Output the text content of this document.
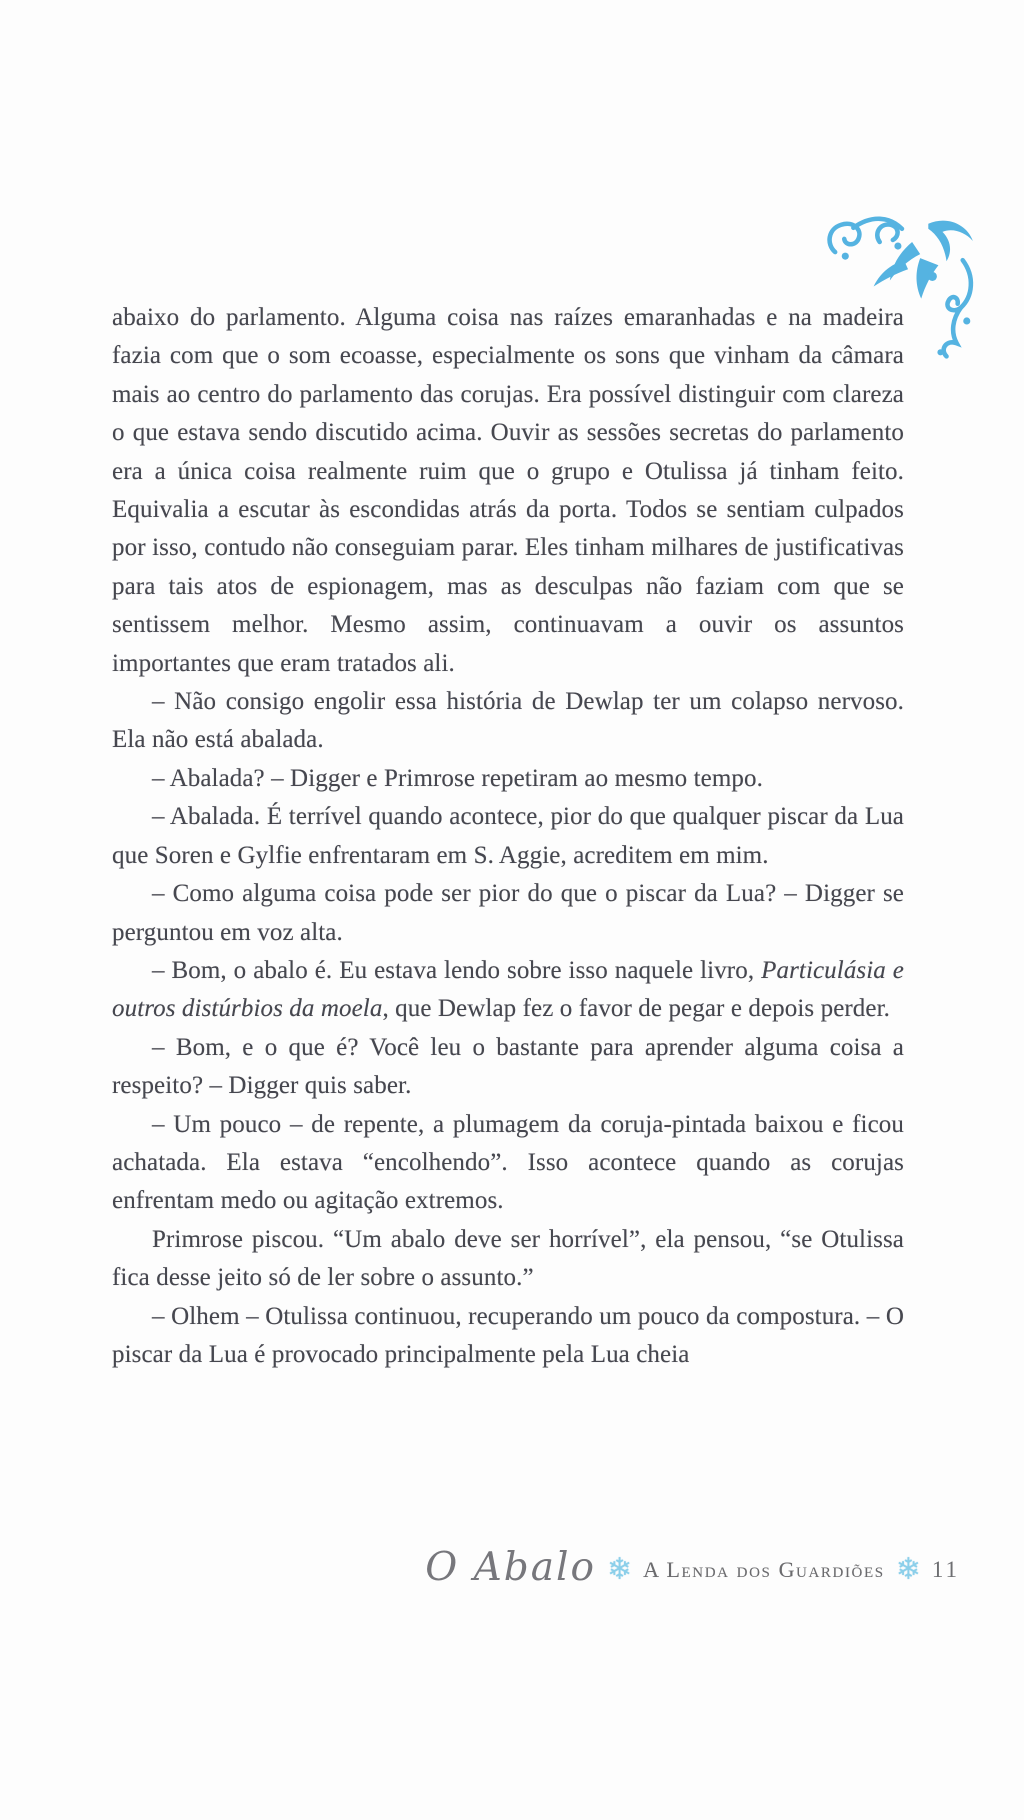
abaixo do parlamento. Alguma coisa nas raízes emaranhadas e na madeira fazia com que o som ecoasse, especialmente os sons que vinham da câmara mais ao centro do parlamento das corujas. Era possível distinguir com clareza o que estava sendo discutido acima. Ouvir as sessões secretas do parlamento era a única coisa realmente ruim que o grupo e Otulissa já tinham feito. Equivalia a escutar às escondidas atrás da porta. Todos se sentiam culpados por isso, contudo não conseguiam parar. Eles tinham milhares de justificativas para tais atos de espionagem, mas as desculpas não faziam com que se sentissem melhor. Mesmo assim, continuavam a ouvir os assuntos importantes que eram tratados ali.

– Não consigo engolir essa história de Dewlap ter um colapso nervoso. Ela não está abalada.

– Abalada? – Digger e Primrose repetiram ao mesmo tempo.

– Abalada. É terrível quando acontece, pior do que qualquer piscar da Lua que Soren e Gylfie enfrentaram em S. Aggie, acreditem em mim.

– Como alguma coisa pode ser pior do que o piscar da Lua? – Digger se perguntou em voz alta.

– Bom, o abalo é. Eu estava lendo sobre isso naquele livro, Particulásia e outros distúrbios da moela, que Dewlap fez o favor de pegar e depois perder.

– Bom, e o que é? Você leu o bastante para aprender alguma coisa a respeito? – Digger quis saber.

– Um pouco – de repente, a plumagem da coruja-pintada baixou e ficou achatada. Ela estava “encolhendo”. Isso acontece quando as corujas enfrentam medo ou agitação extremos.

Primrose piscou. “Um abalo deve ser horrível”, ela pensou, “se Otulissa fica desse jeito só de ler sobre o assunto.”

– Olhem – Otulissa continuou, recuperando um pouco da compostura. – O piscar da Lua é provocado principalmente pela Lua cheia

O Abalo ❄ A Lenda dos Guardiões ❄ 11
